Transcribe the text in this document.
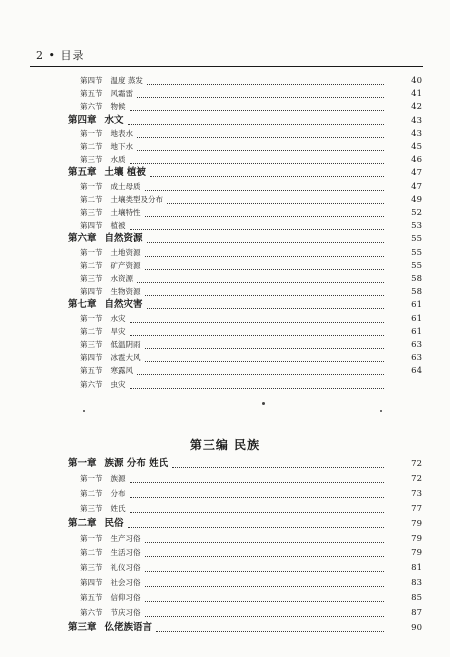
2 • 目录
第四节 温度 蒸发	40
第五节 风霜雷	41
第六节 物候	42
第四章 水文	43
第一节 地表水	43
第二节 地下水	45
第三节 水质	46
第五章 土壤 植被	47
第一节 成土母质	47
第二节 土壤类型及分布	49
第三节 土壤特性	52
第四节 植被	53
第六章 自然资源	55
第一节 土地资源	55
第二节 矿产资源	55
第三节 水资源	58
第四节 生物资源	58
第七章 自然灾害	61
第一节 水灾	61
第二节 旱灾	61
第三节 低温阴雨	63
第四节 冰雹大风	63
第五节 寒露风	64
第六节 虫灾
第一章 族源 分布 姓氏	72
第一节 族源	72
第二节 分布	73
第三节 姓氏	77
第二章 民俗	79
第一节 生产习俗	79
第二节 生活习俗	79
第三节 礼仪习俗	81
第四节 社会习俗	83
第五节 信仰习俗	85
第六节 节庆习俗	87
第三章 仫佬族语言	90
第三编 民族
